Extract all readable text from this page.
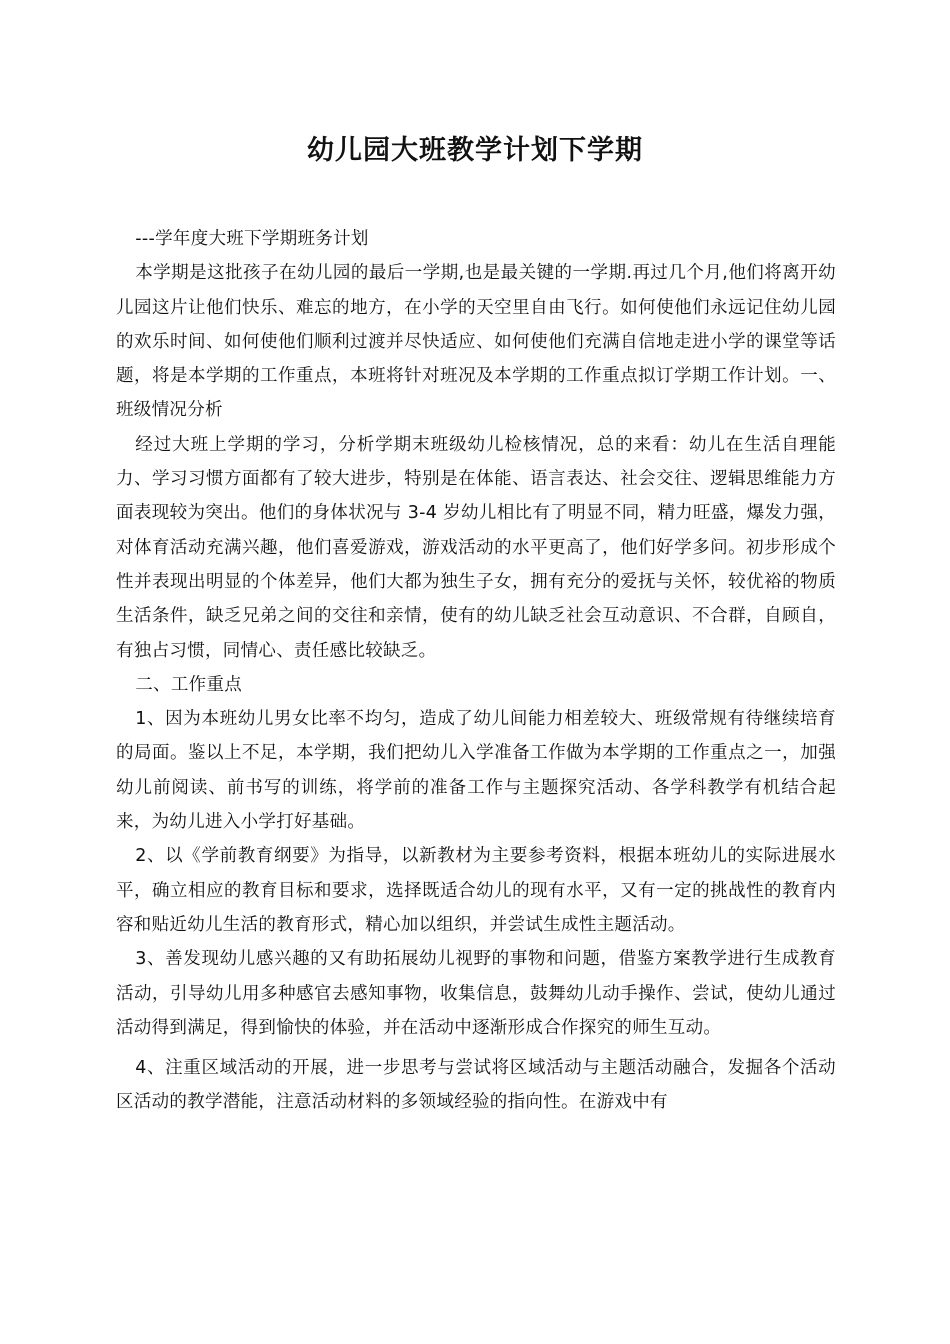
幼儿园大班教学计划下学期

---学年度大班下学期班务计划

本学期是这批孩子在幼儿园的最后一学期,也是最关键的一学期.再过几个月,他们将离开幼儿园这片让他们快乐、难忘的地方，在小学的天空里自由飞行。如何使他们永远记住幼儿园的欢乐时间、如何使他们顺利过渡并尽快适应、如何使他们充满自信地走进小学的课堂等话题，将是本学期的工作重点，本班将针对班况及本学期的工作重点拟订学期工作计划。一、班级情况分析

经过大班上学期的学习，分析学期末班级幼儿检核情况，总的来看：幼儿在生活自理能力、学习习惯方面都有了较大进步，特别是在体能、语言表达、社会交往、逻辑思维能力方面表现较为突出。他们的身体状况与 3-4 岁幼儿相比有了明显不同，精力旺盛，爆发力强，对体育活动充满兴趣，他们喜爱游戏，游戏活动的水平更高了，他们好学多问。初步形成个性并表现出明显的个体差异，他们大都为独生子女，拥有充分的爱抚与关怀，较优裕的物质生活条件，缺乏兄弟之间的交往和亲情，使有的幼儿缺乏社会互动意识、不合群，自顾自，有独占习惯，同情心、责任感比较缺乏。

二、工作重点

1、因为本班幼儿男女比率不均匀，造成了幼儿间能力相差较大、班级常规有待继续培育的局面。鉴以上不足，本学期，我们把幼儿入学准备工作做为本学期的工作重点之一，加强幼儿前阅读、前书写的训练，将学前的准备工作与主题探究活动、各学科教学有机结合起来，为幼儿进入小学打好基础。

2、以《学前教育纲要》为指导，以新教材为主要参考资料，根据本班幼儿的实际进展水平，确立相应的教育目标和要求，选择既适合幼儿的现有水平，又有一定的挑战性的教育内容和贴近幼儿生活的教育形式，精心加以组织，并尝试生成性主题活动。

3、善发现幼儿感兴趣的又有助拓展幼儿视野的事物和问题，借鉴方案教学进行生成教育活动，引导幼儿用多种感官去感知事物，收集信息，鼓舞幼儿动手操作、尝试，使幼儿通过活动得到满足，得到愉快的体验，并在活动中逐渐形成合作探究的师生互动。

4、注重区域活动的开展，进一步思考与尝试将区域活动与主题活动融合，发掘各个活动区活动的教学潜能，注意活动材料的多领域经验的指向性。在游戏中有
